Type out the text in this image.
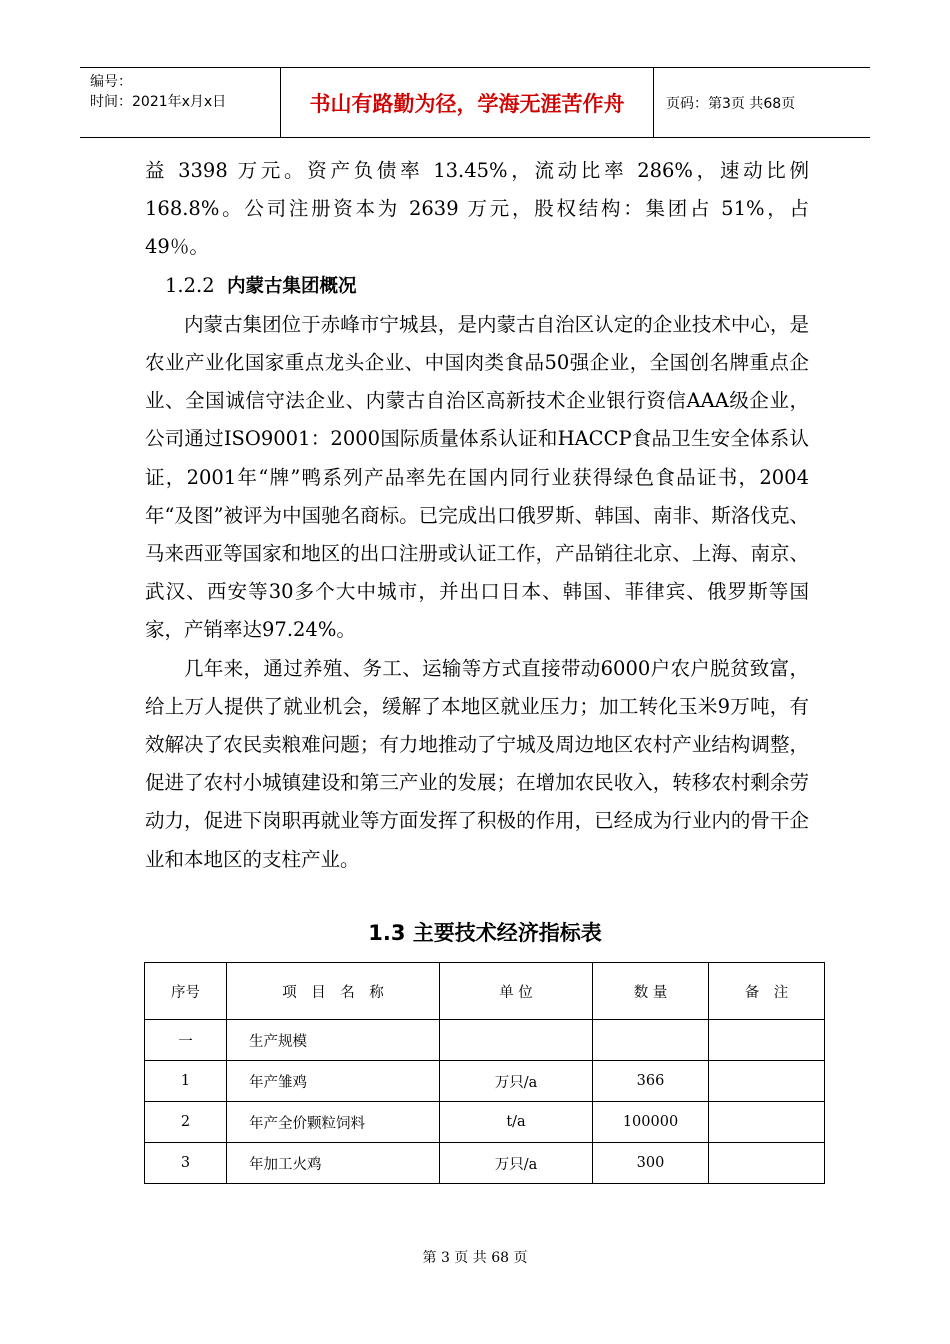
编号：
时间：2021年x月x日	书山有路勤为径，学海无涯苦作舟	页码：第3页 共68页

益 3398 万元。资产负债率 13.45%，流动比率 286%，速动比例 168.8%。公司注册资本为 2639 万元，股权结构：集团占 51%，占 49％。

1.2.2 内蒙古集团概况

内蒙古集团位于赤峰市宁城县，是内蒙古自治区认定的企业技术中心，是农业产业化国家重点龙头企业、中国肉类食品50强企业，全国创名牌重点企业、全国诚信守法企业、内蒙古自治区高新技术企业银行资信AAA级企业，公司通过ISO9001：2000国际质量体系认证和HACCP食品卫生安全体系认证，2001年“牌”鸭系列产品率先在国内同行业获得绿色食品证书，2004年“及图”被评为中国驰名商标。已完成出口俄罗斯、韩国、南非、斯洛伐克、马来西亚等国家和地区的出口注册或认证工作，产品销往北京、上海、南京、武汉、西安等30多个大中城市，并出口日本、韩国、菲律宾、俄罗斯等国家，产销率达97.24%。

几年来，通过养殖、务工、运输等方式直接带动6000户农户脱贫致富，给上万人提供了就业机会，缓解了本地区就业压力；加工转化玉米9万吨，有效解决了农民卖粮难问题；有力地推动了宁城及周边地区农村产业结构调整，促进了农村小城镇建设和第三产业的发展；在增加农民收入，转移农村剩余劳动力，促进下岗职再就业等方面发挥了积极的作用，已经成为行业内的骨干企业和本地区的支柱产业。

1.3 主要技术经济指标表
序号	项　目　名　称	单 位	数 量	备　注
一	生产规模			
1	年产雏鸡	万只/a	366	
2	年产全价颗粒饲料	t/a	100000	
3	年加工火鸡	万只/a	300	
第 3 页 共 68 页
